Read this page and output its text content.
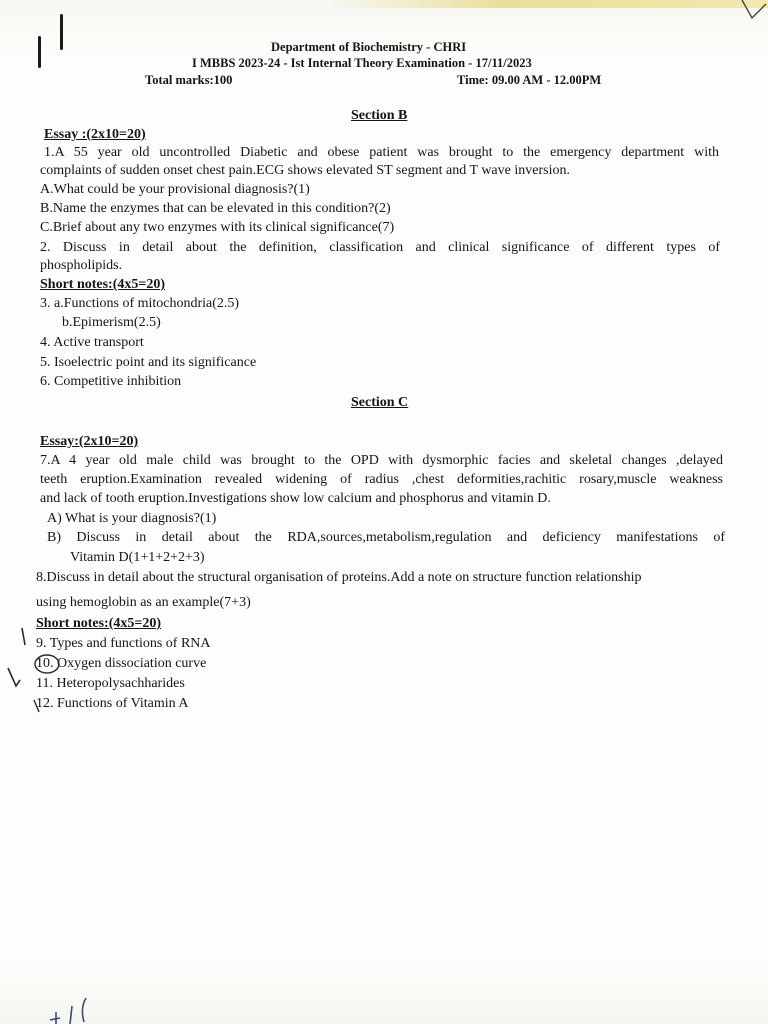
Department of Biochemistry - CHRI
I MBBS 2023-24 - Ist Internal Theory Examination - 17/11/2023
Total marks:100	Time: 09.00 AM - 12.00PM
Section B
Essay :(2x10=20)
1.A 55 year old uncontrolled Diabetic and obese patient was brought to the emergency department with
complaints of sudden onset chest pain.ECG shows elevated ST segment and T wave inversion.
A.What could be your provisional diagnosis?(1)
B.Name the enzymes that can be elevated in this condition?(2)
C.Brief about any two enzymes with its clinical significance(7)
2. Discuss in detail about the definition, classification and clinical significance of different types of
phospholipids.
Short notes:(4x5=20)
3. a.Functions of mitochondria(2.5)
b.Epimerism(2.5)
4. Active transport
5. Isoelectric point and its significance
6. Competitive inhibition
Section C
Essay:(2x10=20)
7.A 4 year old male child was brought to the OPD with dysmorphic facies and skeletal changes ,delayed
teeth eruption.Examination revealed widening of radius ,chest deformities,rachitic rosary,muscle weakness
and lack of tooth eruption.Investigations show low calcium and phosphorus and vitamin D.
A) What is your diagnosis?(1)
B) Discuss in detail about the RDA,sources,metabolism,regulation and deficiency manifestations of
Vitamin D(1+1+2+2+3)
8.Discuss in detail about the structural organisation of proteins.Add a note on structure function relationship
using hemoglobin as an example(7+3)
Short notes:(4x5=20)
9. Types and functions of RNA
10. Oxygen dissociation curve
11. Heteropolysachharides
12. Functions of Vitamin A
